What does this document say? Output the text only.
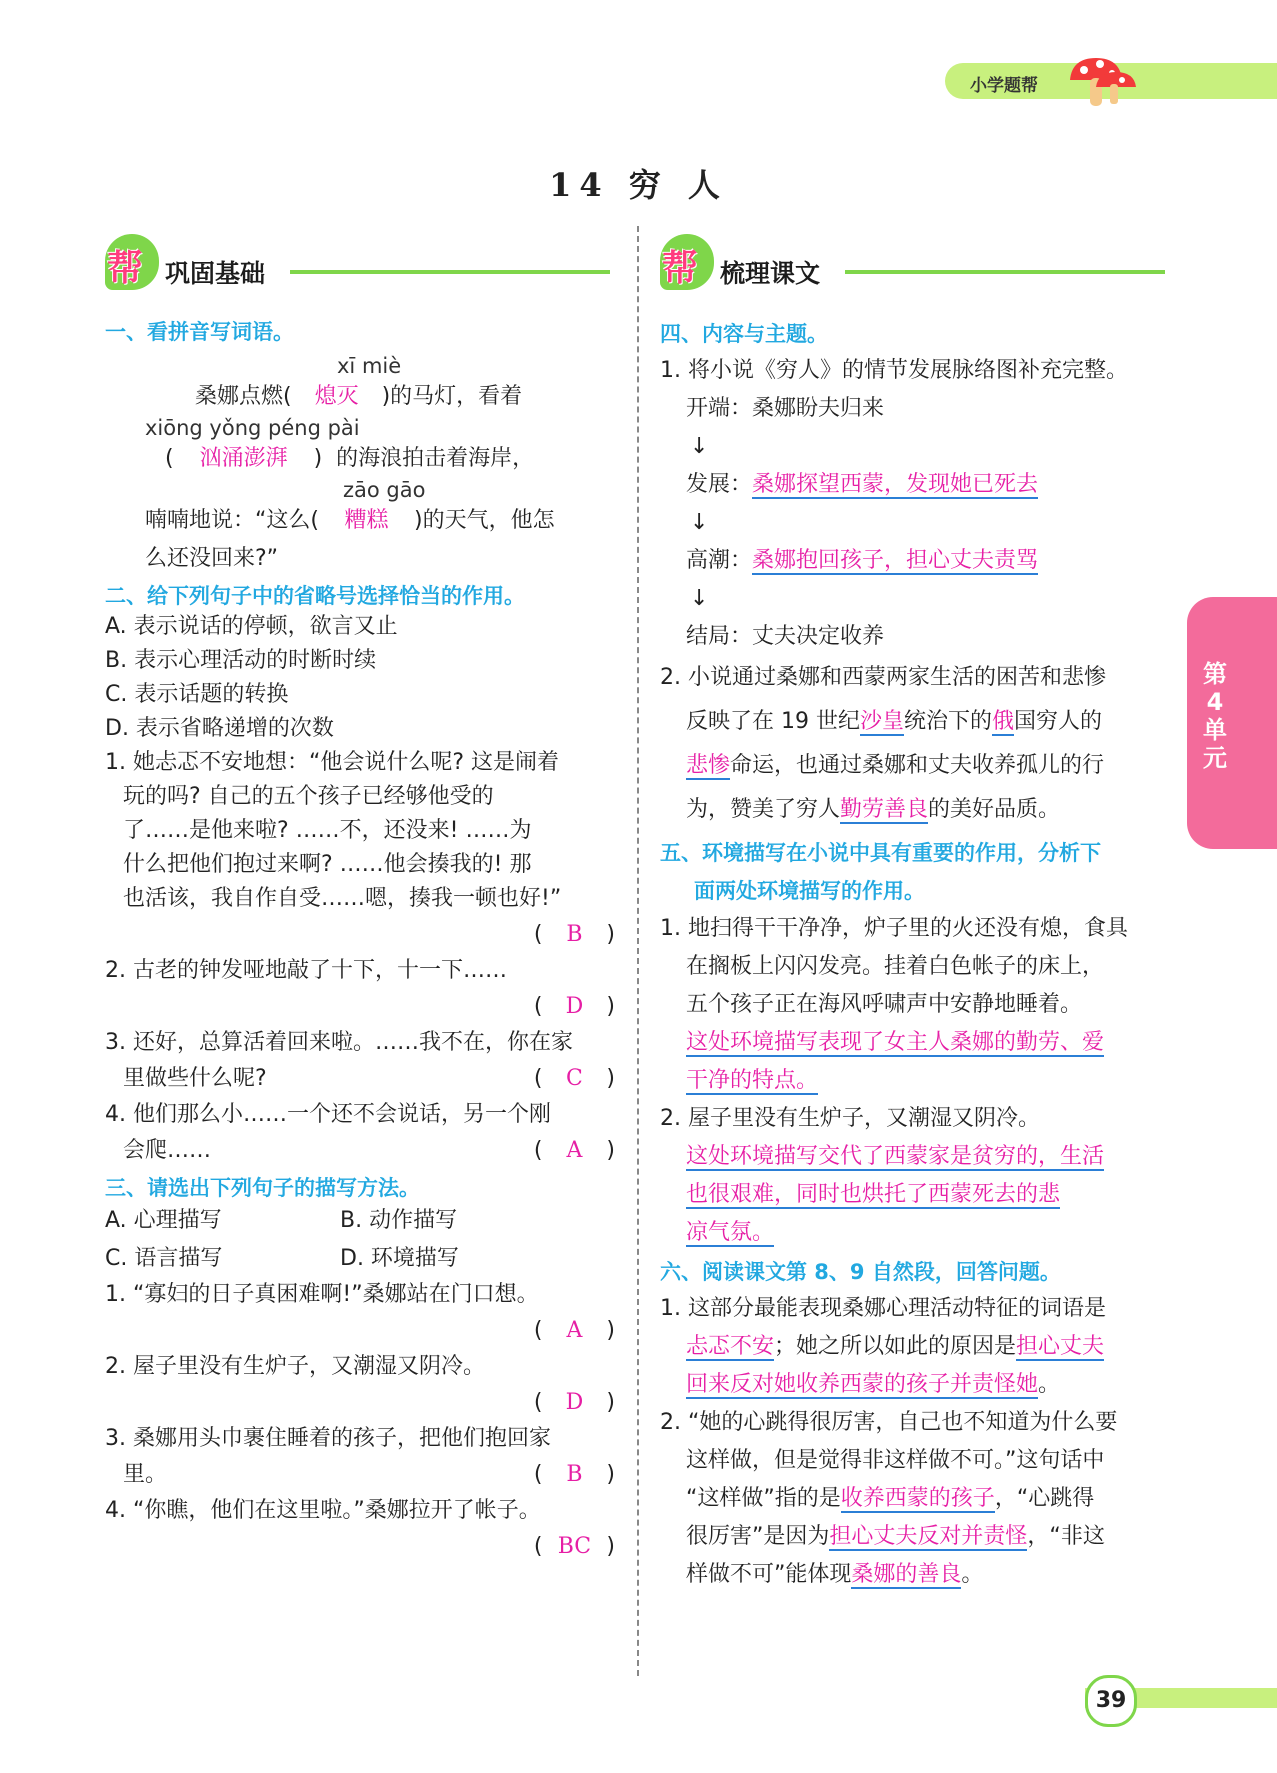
小学题帮
14 穷 人
帮 巩固基础	帮 梳理课文
一、看拼音写词语。
xī miè
桑娜点燃( 熄灭 )的马灯，看着
xiōng yǒng péng pài
( 汹涌澎湃 )  的海浪拍击着海岸，
zāo gāo
喃喃地说：“这么( 糟糕 )的天气，他怎
么还没回来?”
二、给下列句子中的省略号选择恰当的作用。
A. 表示说话的停顿，欲言又止
B. 表示心理活动的时断时续
C. 表示话题的转换
D. 表示省略递增的次数
1. 她忐忑不安地想：“他会说什么呢? 这是闹着
玩的吗? 自己的五个孩子已经够他受的
了……是他来啦? ……不，还没来! ……为
什么把他们抱过来啊? ……他会揍我的! 那
也活该，我自作自受……嗯，揍我一顿也好!”
( B )
2. 古老的钟发哑地敲了十下，十一下……
( D )
3. 还好，总算活着回来啦。……我不在，你在家
里做些什么呢?	( C )
4. 他们那么小……一个还不会说话，另一个刚
会爬……	( A )
三、请选出下列句子的描写方法。
A. 心理描写	B. 动作描写
C. 语言描写	D. 环境描写
1. “寡妇的日子真困难啊!”桑娜站在门口想。
( A )
2. 屋子里没有生炉子，又潮湿又阴冷。
( D )
3. 桑娜用头巾裹住睡着的孩子，把他们抱回家
里。	( B )
4. “你瞧，他们在这里啦。”桑娜拉开了帐子。
( BC )
四、内容与主题。
1. 将小说《穷人》的情节发展脉络图补充完整。
开端：桑娜盼夫归来
↓
发展：桑娜探望西蒙，发现她已死去
↓
高潮：桑娜抱回孩子，担心丈夫责骂
↓
结局：丈夫决定收养
2. 小说通过桑娜和西蒙两家生活的困苦和悲惨
反映了在 19 世纪沙皇统治下的俄国穷人的
悲惨命运，也通过桑娜和丈夫收养孤儿的行
为，赞美了穷人勤劳善良的美好品质。
五、环境描写在小说中具有重要的作用，分析下
面两处环境描写的作用。
1. 地扫得干干净净，炉子里的火还没有熄，食具
在搁板上闪闪发亮。挂着白色帐子的床上，
五个孩子正在海风呼啸声中安静地睡着。
这处环境描写表现了女主人桑娜的勤劳、爱
干净的特点。
2. 屋子里没有生炉子，又潮湿又阴冷。
这处环境描写交代了西蒙家是贫穷的，生活
也很艰难，同时也烘托了西蒙死去的悲
凉气氛。
六、阅读课文第 8、9 自然段，回答问题。
1. 这部分最能表现桑娜心理活动特征的词语是
忐忑不安；她之所以如此的原因是担心丈夫
回来反对她收养西蒙的孩子并责怪她。
2. “她的心跳得很厉害，自己也不知道为什么要
这样做，但是觉得非这样做不可。”这句话中
“这样做”指的是收养西蒙的孩子，“心跳得
很厉害”是因为担心丈夫反对并责怪，“非这
样做不可”能体现桑娜的善良。
第
4
单
元
39
